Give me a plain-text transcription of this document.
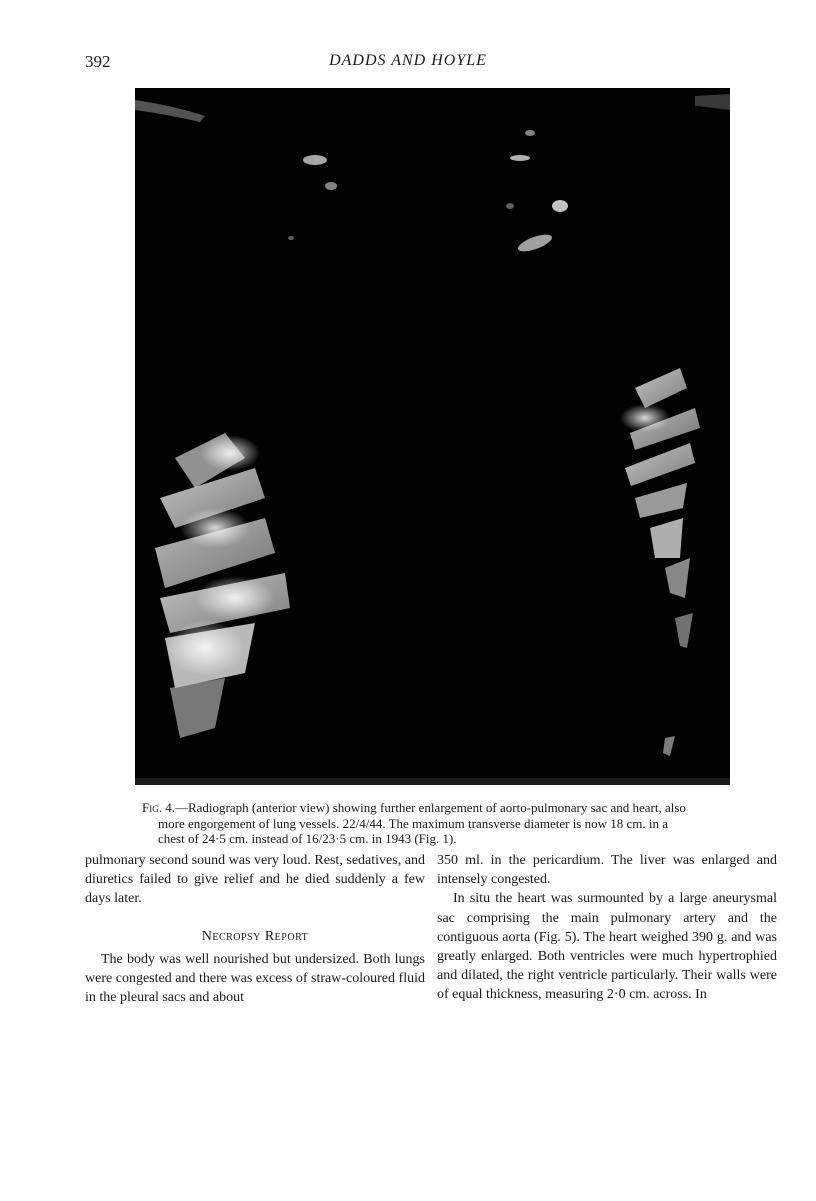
392	DADDS AND HOYLE
Fig. 4.—Radiograph (anterior view) showing further enlargement of aorto-pulmonary sac and heart, also more engorgement of lung vessels. 22/4/44. The maximum transverse diameter is now 18 cm. in a chest of 24·5 cm. instead of 16/23·5 cm. in 1943 (Fig. 1).

pulmonary second sound was very loud. Rest, sedatives, and diuretics failed to give relief and he died suddenly a few days later.

Necropsy Report

The body was well nourished but undersized. Both lungs were congested and there was excess of straw-coloured fluid in the pleural sacs and about

350 ml. in the pericardium. The liver was enlarged and intensely congested.

In situ the heart was surmounted by a large aneurysmal sac comprising the main pulmonary artery and the contiguous aorta (Fig. 5). The heart weighed 390 g. and was greatly enlarged. Both ventricles were much hypertrophied and dilated, the right ventricle particularly. Their walls were of equal thickness, measuring 2·0 cm. across. In
